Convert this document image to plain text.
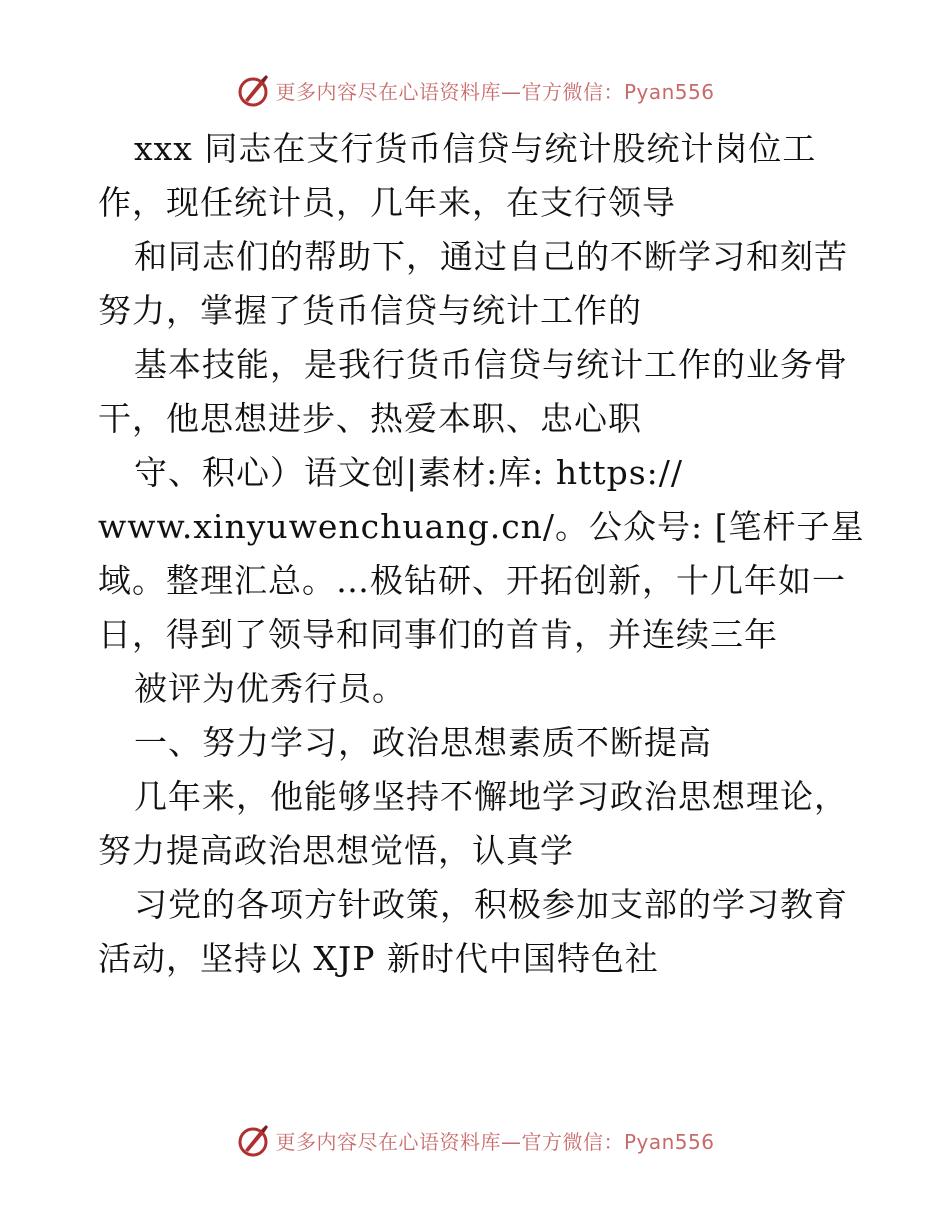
更多内容尽在心语资料库—官方微信：Pyan556
xxx 同志在支行货币信贷与统计股统计岗位工
作，现任统计员，几年来，在支行领导
和同志们的帮助下，通过自己的不断学习和刻苦
努力，掌握了货币信贷与统计工作的
基本技能，是我行货币信贷与统计工作的业务骨
干，他思想进步、热爱本职、忠心职
守、积心）语文创|素材:库: https://
www.xinyuwenchuang.cn/。公众号: [笔杆子星
域。整理汇总。…极钻研、开拓创新，十几年如一
日，得到了领导和同事们的首肯，并连续三年
被评为优秀行员。
一、努力学习，政治思想素质不断提高
几年来，他能够坚持不懈地学习政治思想理论，
努力提高政治思想觉悟，认真学
习党的各项方针政策，积极参加支部的学习教育
活动，坚持以 XJP 新时代中国特色社
更多内容尽在心语资料库—官方微信：Pyan556
